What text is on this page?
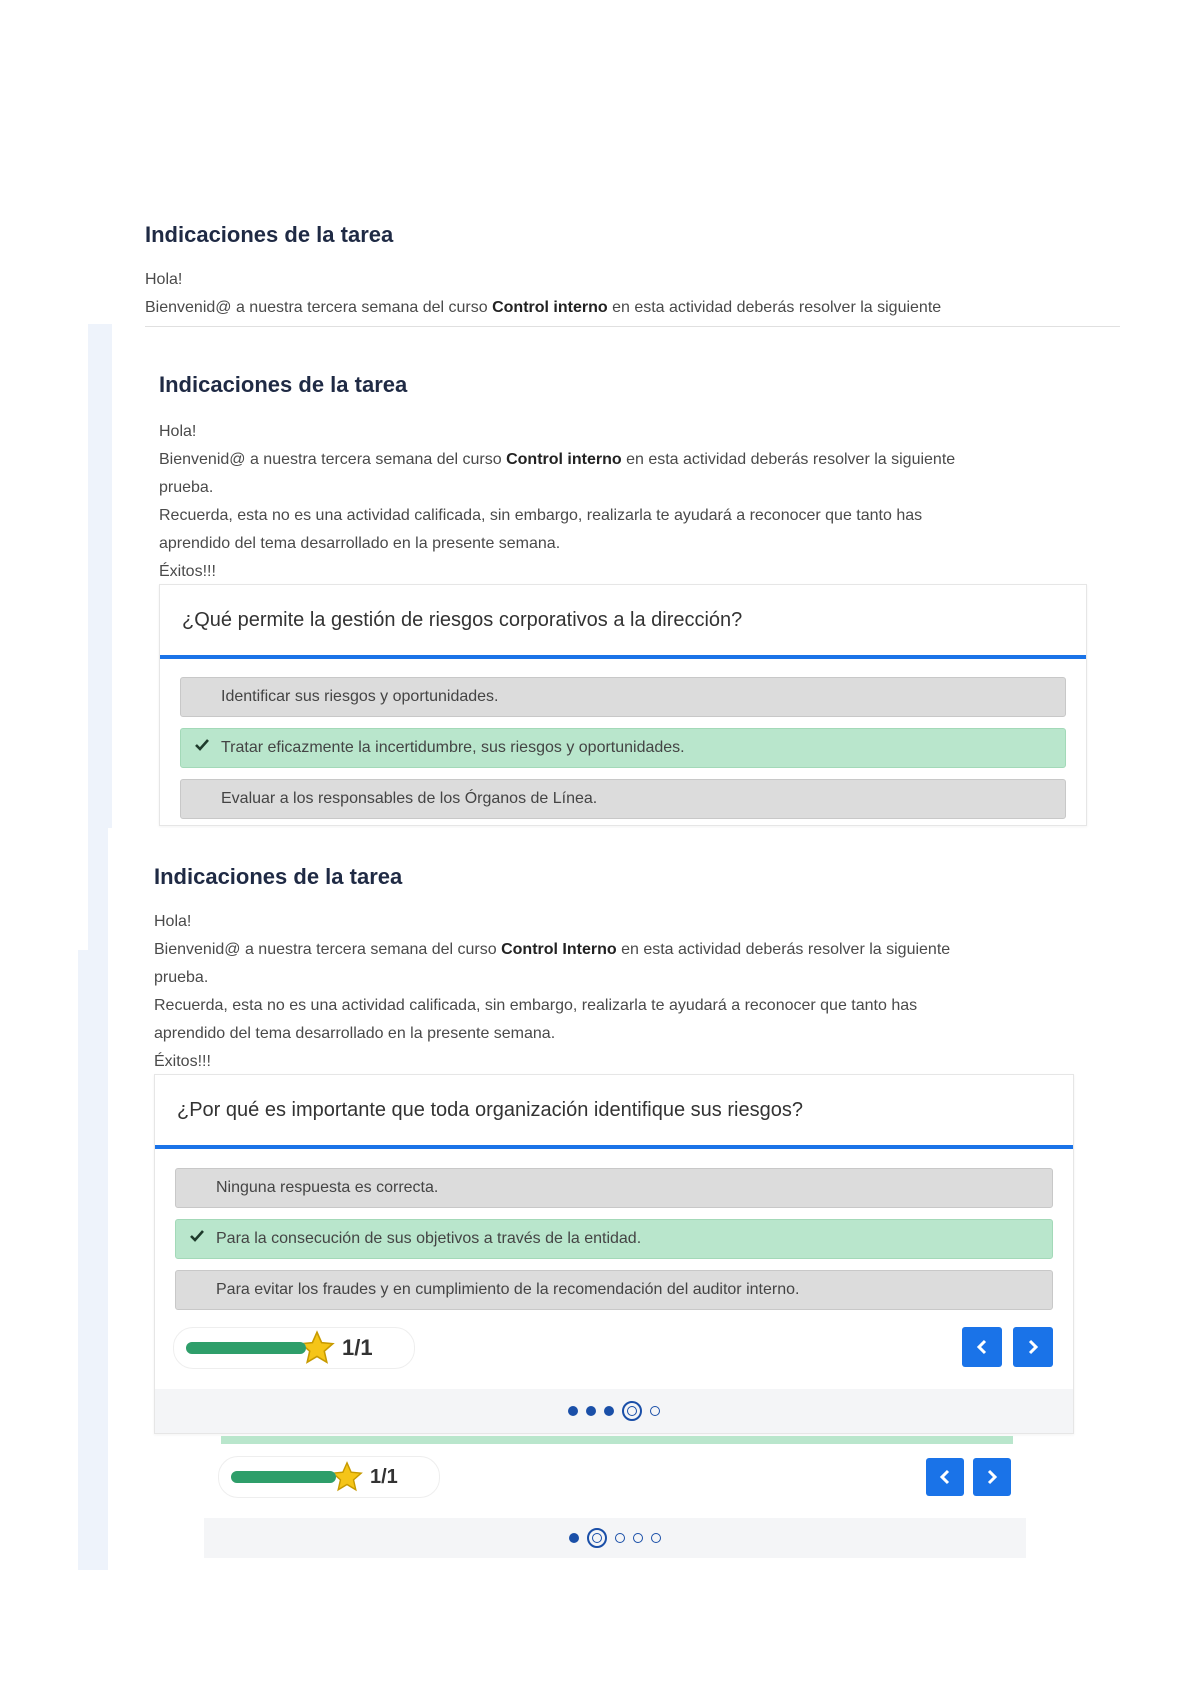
Indicaciones de la tarea
Hola!
Bienvenid@ a nuestra tercera semana del curso Control interno en esta actividad deberás resolver la siguiente
Indicaciones de la tarea
Hola!
Bienvenid@ a nuestra tercera semana del curso Control interno en esta actividad deberás resolver la siguiente
prueba.
Recuerda, esta no es una actividad calificada, sin embargo, realizarla te ayudará a reconocer que tanto has
aprendido del tema desarrollado en la presente semana.
Éxitos!!!
¿Qué permite la gestión de riesgos corporativos a la dirección?
Identificar sus riesgos y oportunidades.
Tratar eficazmente la incertidumbre, sus riesgos y oportunidades.
Evaluar a los responsables de los Órganos de Línea.
Indicaciones de la tarea
Hola!
Bienvenid@ a nuestra tercera semana del curso Control Interno en esta actividad deberás resolver la siguiente
prueba.
Recuerda, esta no es una actividad calificada, sin embargo, realizarla te ayudará a reconocer que tanto has
aprendido del tema desarrollado en la presente semana.
Éxitos!!!
¿Por qué es importante que toda organización identifique sus riesgos?
Ninguna respuesta es correcta.
Para la consecución de sus objetivos a través de la entidad.
Para evitar los fraudes y en cumplimiento de la recomendación del auditor interno.
1/1
1/1
